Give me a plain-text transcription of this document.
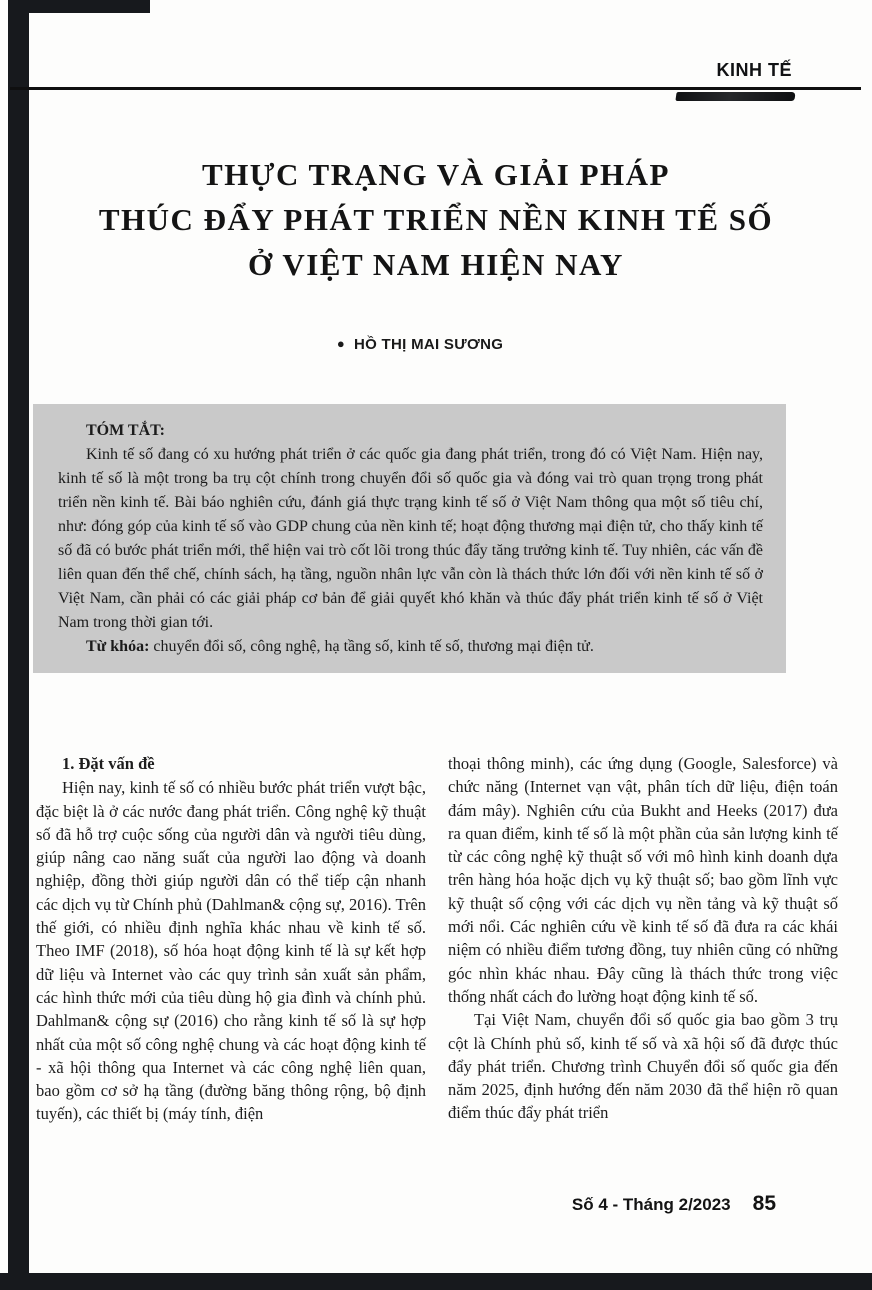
KINH TẾ
THỰC TRẠNG VÀ GIẢI PHÁP
THÚC ĐẨY PHÁT TRIỂN NỀN KINH TẾ SỐ
Ở VIỆT NAM HIỆN NAY
● HỒ THỊ MAI SƯƠNG
TÓM TẮT:

Kinh tế số đang có xu hướng phát triển ở các quốc gia đang phát triển, trong đó có Việt Nam. Hiện nay, kinh tế số là một trong ba trụ cột chính trong chuyển đổi số quốc gia và đóng vai trò quan trọng trong phát triển nền kinh tế. Bài báo nghiên cứu, đánh giá thực trạng kinh tế số ở Việt Nam thông qua một số tiêu chí, như: đóng góp của kinh tế số vào GDP chung của nền kinh tế; hoạt động thương mại điện tử, cho thấy kinh tế số đã có bước phát triển mới, thể hiện vai trò cốt lõi trong thúc đẩy tăng trưởng kinh tế. Tuy nhiên, các vấn đề liên quan đến thể chế, chính sách, hạ tầng, nguồn nhân lực vẫn còn là thách thức lớn đối với nền kinh tế số ở Việt Nam, cần phải có các giải pháp cơ bản để giải quyết khó khăn và thúc đẩy phát triển kinh tế số ở Việt Nam trong thời gian tới.

Từ khóa: chuyển đổi số, công nghệ, hạ tầng số, kinh tế số, thương mại điện tử.

1. Đặt vấn đề

Hiện nay, kinh tế số có nhiều bước phát triển vượt bậc, đặc biệt là ở các nước đang phát triển. Công nghệ kỹ thuật số đã hỗ trợ cuộc sống của người dân và người tiêu dùng, giúp nâng cao năng suất của người lao động và doanh nghiệp, đồng thời giúp người dân có thể tiếp cận nhanh các dịch vụ từ Chính phủ (Dahlman& cộng sự, 2016). Trên thế giới, có nhiều định nghĩa khác nhau về kinh tế số. Theo IMF (2018), số hóa hoạt động kinh tế là sự kết hợp dữ liệu và Internet vào các quy trình sản xuất sản phẩm, các hình thức mới của tiêu dùng hộ gia đình và chính phủ. Dahlman& cộng sự (2016) cho rằng kinh tế số là sự hợp nhất của một số công nghệ chung và các hoạt động kinh tế - xã hội thông qua Internet và các công nghệ liên quan, bao gồm cơ sở hạ tầng (đường băng thông rộng, bộ định tuyến), các thiết bị (máy tính, điện

thoại thông minh), các ứng dụng (Google, Salesforce) và chức năng (Internet vạn vật, phân tích dữ liệu, điện toán đám mây). Nghiên cứu của Bukht and Heeks (2017) đưa ra quan điểm, kinh tế số là một phần của sản lượng kinh tế từ các công nghệ kỹ thuật số với mô hình kinh doanh dựa trên hàng hóa hoặc dịch vụ kỹ thuật số; bao gồm lĩnh vực kỹ thuật số cộng với các dịch vụ nền tảng và kỹ thuật số mới nổi. Các nghiên cứu về kinh tế số đã đưa ra các khái niệm có nhiều điểm tương đồng, tuy nhiên cũng có những góc nhìn khác nhau. Đây cũng là thách thức trong việc thống nhất cách đo lường hoạt động kinh tế số.

Tại Việt Nam, chuyển đổi số quốc gia bao gồm 3 trụ cột là Chính phủ số, kinh tế số và xã hội số đã được thúc đẩy phát triển. Chương trình Chuyển đổi số quốc gia đến năm 2025, định hướng đến năm 2030 đã thể hiện rõ quan điểm thúc đẩy phát triển

Số 4 - Tháng 2/2023 85
